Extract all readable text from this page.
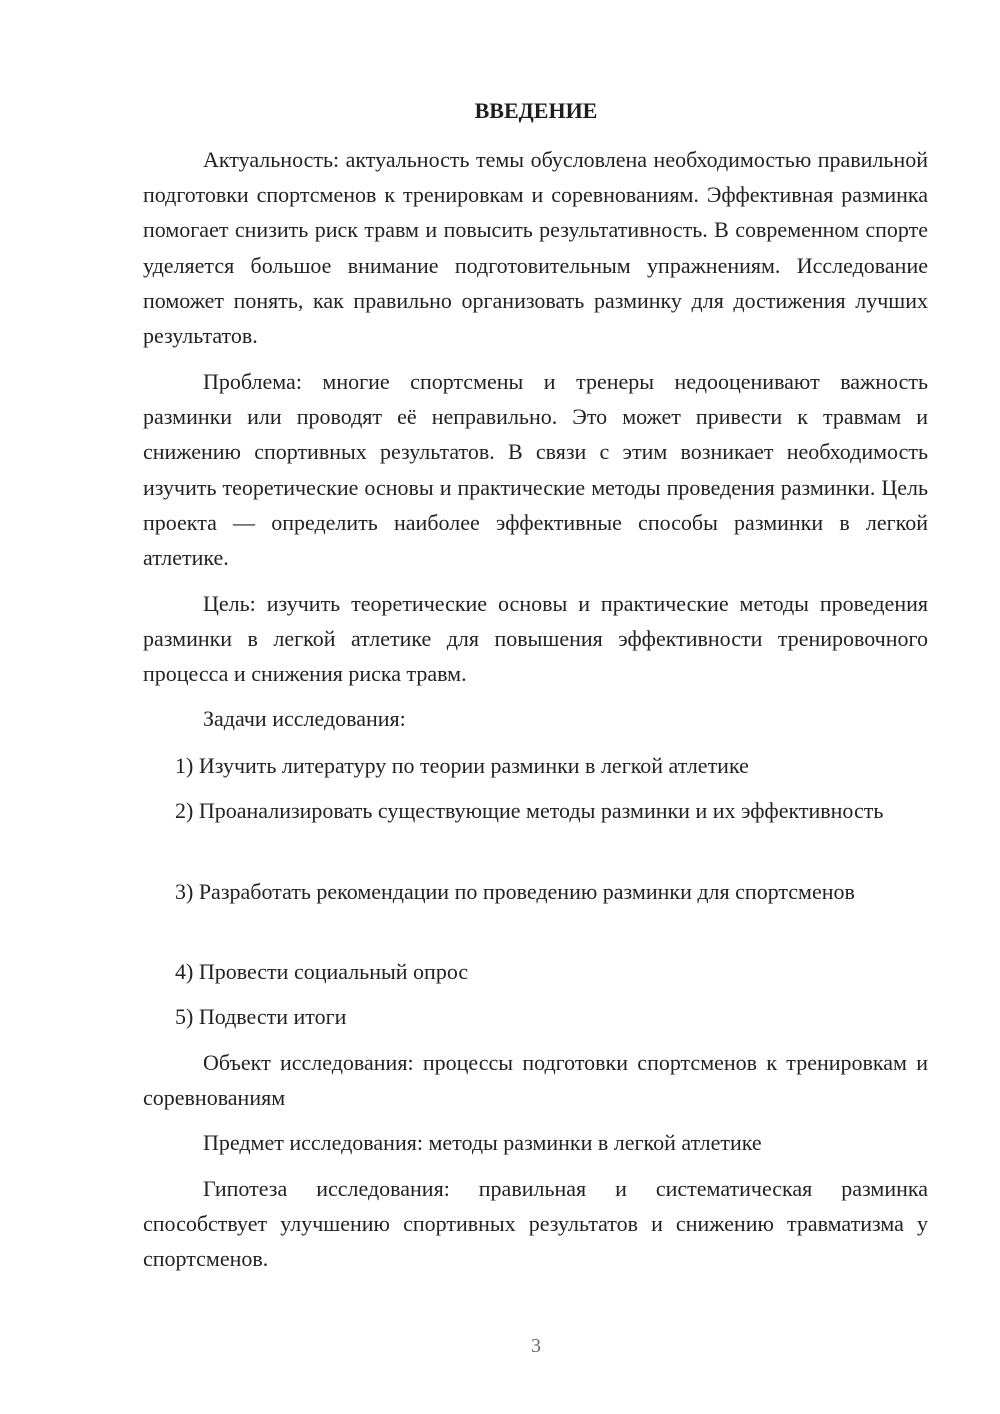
ВВЕДЕНИЕ

Актуальность: актуальность темы обусловлена необходимостью правильной подготовки спортсменов к тренировкам и соревнованиям. Эффективная разминка помогает снизить риск травм и повысить результативность. В современном спорте уделяется большое внимание подготовительным упражнениям. Исследование поможет понять, как правильно организовать разминку для достижения лучших результатов.

Проблема: многие спортсмены и тренеры недооценивают важность разминки или проводят её неправильно. Это может привести к травмам и снижению спортивных результатов. В связи с этим возникает необходимость изучить теоретические основы и практические методы проведения разминки. Цель проекта — определить наиболее эффективные способы разминки в легкой атлетике.

Цель: изучить теоретические основы и практические методы проведения разминки в легкой атлетике для повышения эффективности тренировочного процесса и снижения риска травм.

Задачи исследования:

1) Изучить литературу по теории разминки в легкой атлетике

2) Проанализировать существующие методы разминки и их эффективность

3) Разработать рекомендации по проведению разминки для спортсменов

4) Провести социальный опрос

5) Подвести итоги

Объект исследования: процессы подготовки спортсменов к тренировкам и соревнованиям

Предмет исследования: методы разминки в легкой атлетике

Гипотеза исследования: правильная и систематическая разминка способствует улучшению спортивных результатов и снижению травматизма у спортсменов.

3
